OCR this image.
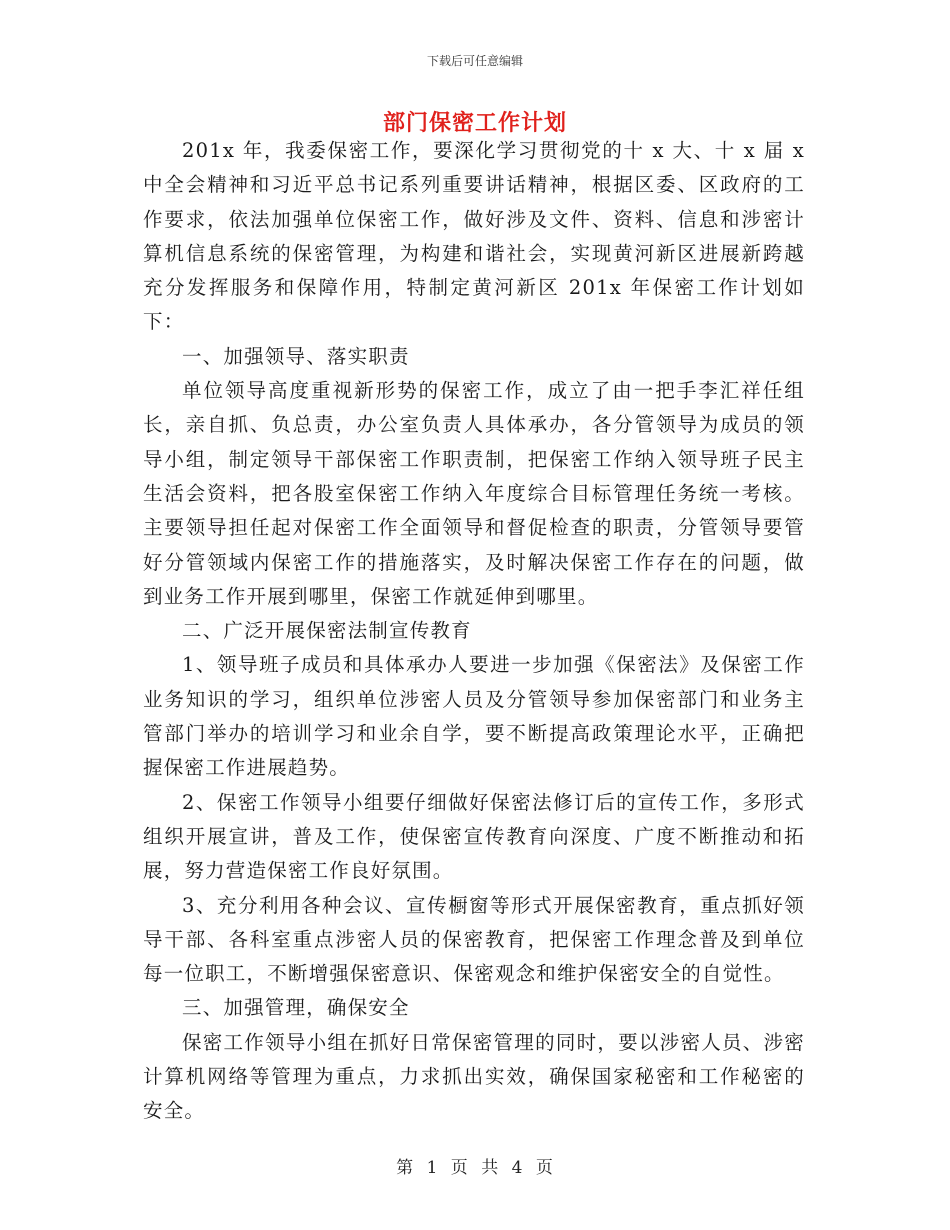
下载后可任意编辑
部门保密工作计划

201x 年，我委保密工作，要深化学习贯彻党的十 x 大、十 x 届 x 中全会精神和习近平总书记系列重要讲话精神，根据区委、区政府的工作要求，依法加强单位保密工作，做好涉及文件、资料、信息和涉密计算机信息系统的保密管理，为构建和谐社会，实现黄河新区进展新跨越充分发挥服务和保障作用，特制定黄河新区 201x 年保密工作计划如下：

一、加强领导、落实职责

单位领导高度重视新形势的保密工作，成立了由一把手李汇祥任组长，亲自抓、负总责，办公室负责人具体承办，各分管领导为成员的领导小组，制定领导干部保密工作职责制，把保密工作纳入领导班子民主生活会资料，把各股室保密工作纳入年度综合目标管理任务统一考核。主要领导担任起对保密工作全面领导和督促检查的职责，分管领导要管好分管领域内保密工作的措施落实，及时解决保密工作存在的问题，做到业务工作开展到哪里，保密工作就延伸到哪里。

二、广泛开展保密法制宣传教育

1、领导班子成员和具体承办人要进一步加强《保密法》及保密工作业务知识的学习，组织单位涉密人员及分管领导参加保密部门和业务主管部门举办的培训学习和业余自学，要不断提高政策理论水平，正确把握保密工作进展趋势。

2、保密工作领导小组要仔细做好保密法修订后的宣传工作，多形式组织开展宣讲，普及工作，使保密宣传教育向深度、广度不断推动和拓展，努力营造保密工作良好氛围。

3、充分利用各种会议、宣传橱窗等形式开展保密教育，重点抓好领导干部、各科室重点涉密人员的保密教育，把保密工作理念普及到单位每一位职工，不断增强保密意识、保密观念和维护保密安全的自觉性。

三、加强管理，确保安全

保密工作领导小组在抓好日常保密管理的同时，要以涉密人员、涉密计算机网络等管理为重点，力求抓出实效，确保国家秘密和工作秘密的安全。

第 1 页 共 4 页
